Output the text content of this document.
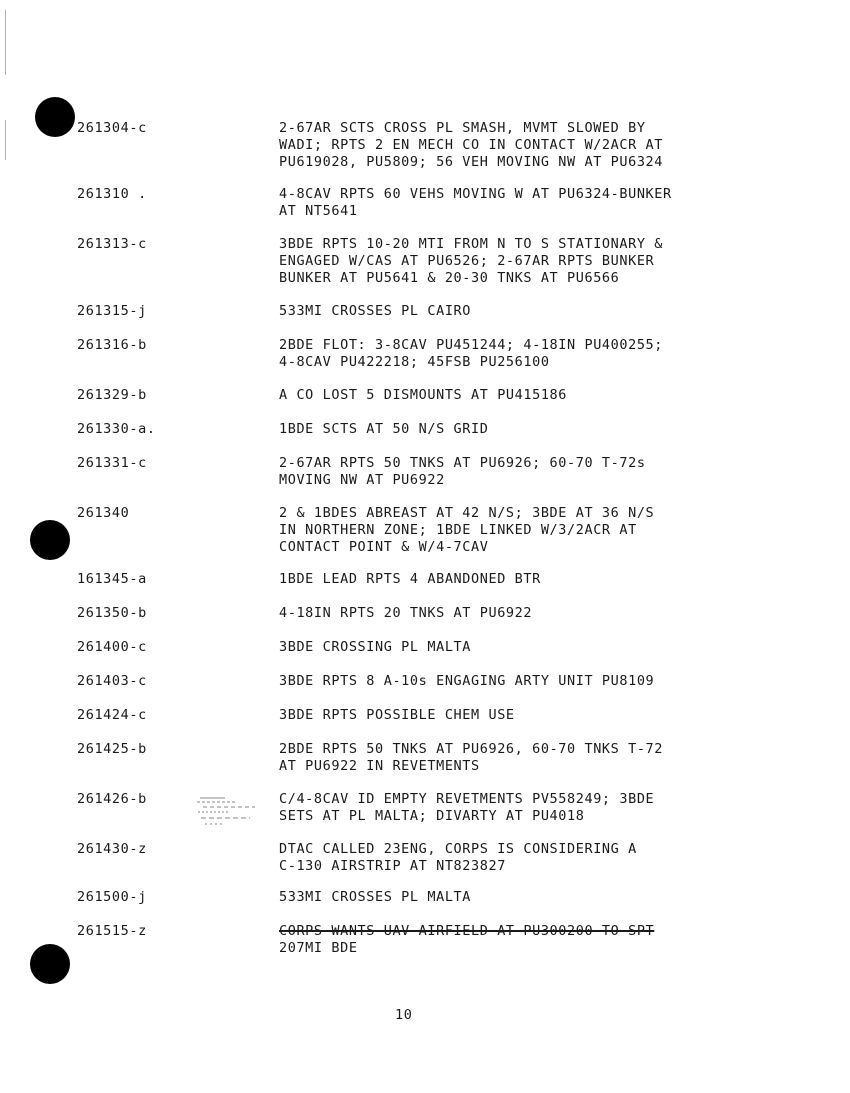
261304-c	2-67AR SCTS CROSS PL SMASH, MVMT SLOWED BY
WADI; RPTS 2 EN MECH CO IN CONTACT W/2ACR AT
PU619028, PU5809; 56 VEH MOVING NW AT PU6324
261310 .	4-8CAV RPTS 60 VEHS MOVING W AT PU6324-BUNKER
AT NT5641
261313-c	3BDE RPTS 10-20 MTI FROM N TO S STATIONARY &
ENGAGED W/CAS AT PU6526; 2-67AR RPTS BUNKER
BUNKER AT PU5641 & 20-30 TNKS AT PU6566
261315-j	533MI CROSSES PL CAIRO
261316-b	2BDE FLOT: 3-8CAV PU451244; 4-18IN PU400255;
4-8CAV PU422218; 45FSB PU256100
261329-b	A CO LOST 5 DISMOUNTS AT PU415186
261330-a.	1BDE SCTS AT 50 N/S GRID
261331-c	2-67AR RPTS 50 TNKS AT PU6926; 60-70 T-72s
MOVING NW AT PU6922
261340	2 & 1BDES ABREAST AT 42 N/S; 3BDE AT 36 N/S
IN NORTHERN ZONE; 1BDE LINKED W/3/2ACR AT
CONTACT POINT & W/4-7CAV
161345-a	1BDE LEAD RPTS 4 ABANDONED BTR
261350-b	4-18IN RPTS 20 TNKS AT PU6922
261400-c	3BDE CROSSING PL MALTA
261403-c	3BDE RPTS 8 A-10s ENGAGING ARTY UNIT PU8109
261424-c	3BDE RPTS POSSIBLE CHEM USE
261425-b	2BDE RPTS 50 TNKS AT PU6926, 60-70 TNKS T-72
AT PU6922 IN REVETMENTS
261426-b	C/4-8CAV ID EMPTY REVETMENTS PV558249; 3BDE
SETS AT PL MALTA; DIVARTY AT PU4018
261430-z	DTAC CALLED 23ENG, CORPS IS CONSIDERING A
C-130 AIRSTRIP AT NT823827
261500-j	533MI CROSSES PL MALTA
261515-z	CORPS WANTS UAV AIRFIELD AT PU300200 TO SPT
207MI BDE
10
